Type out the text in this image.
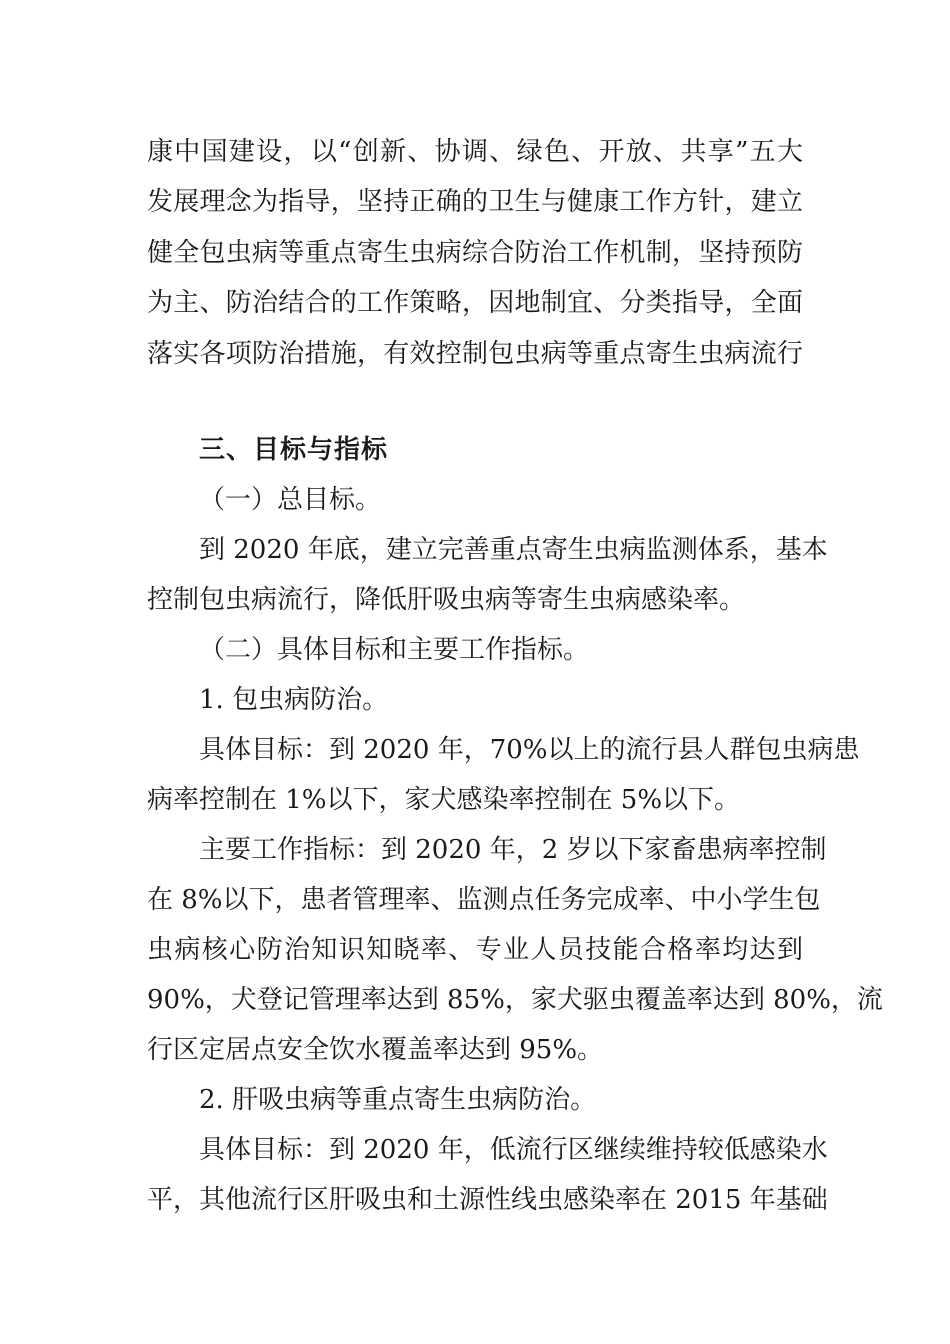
康中国建设，以“创新、协调、绿色、开放、共享”五大
发展理念为指导，坚持正确的卫生与健康工作方针，建立
健全包虫病等重点寄生虫病综合防治工作机制，坚持预防
为主、防治结合的工作策略，因地制宜、分类指导，全面
落实各项防治措施，有效控制包虫病等重点寄生虫病流行
三、目标与指标
（一）总目标。
到 2020 年底，建立完善重点寄生虫病监测体系，基本
控制包虫病流行，降低肝吸虫病等寄生虫病感染率。
（二）具体目标和主要工作指标。
1. 包虫病防治。
具体目标：到 2020 年，70%以上的流行县人群包虫病患
病率控制在 1%以下，家犬感染率控制在 5%以下。
主要工作指标：到 2020 年，2 岁以下家畜患病率控制
在 8%以下，患者管理率、监测点任务完成率、中小学生包
虫病核心防治知识知晓率、专业人员技能合格率均达到
90%，犬登记管理率达到 85%，家犬驱虫覆盖率达到 80%，流
行区定居点安全饮水覆盖率达到 95%。
2. 肝吸虫病等重点寄生虫病防治。
具体目标：到 2020 年，低流行区继续维持较低感染水
平，其他流行区肝吸虫和土源性线虫感染率在 2015 年基础
